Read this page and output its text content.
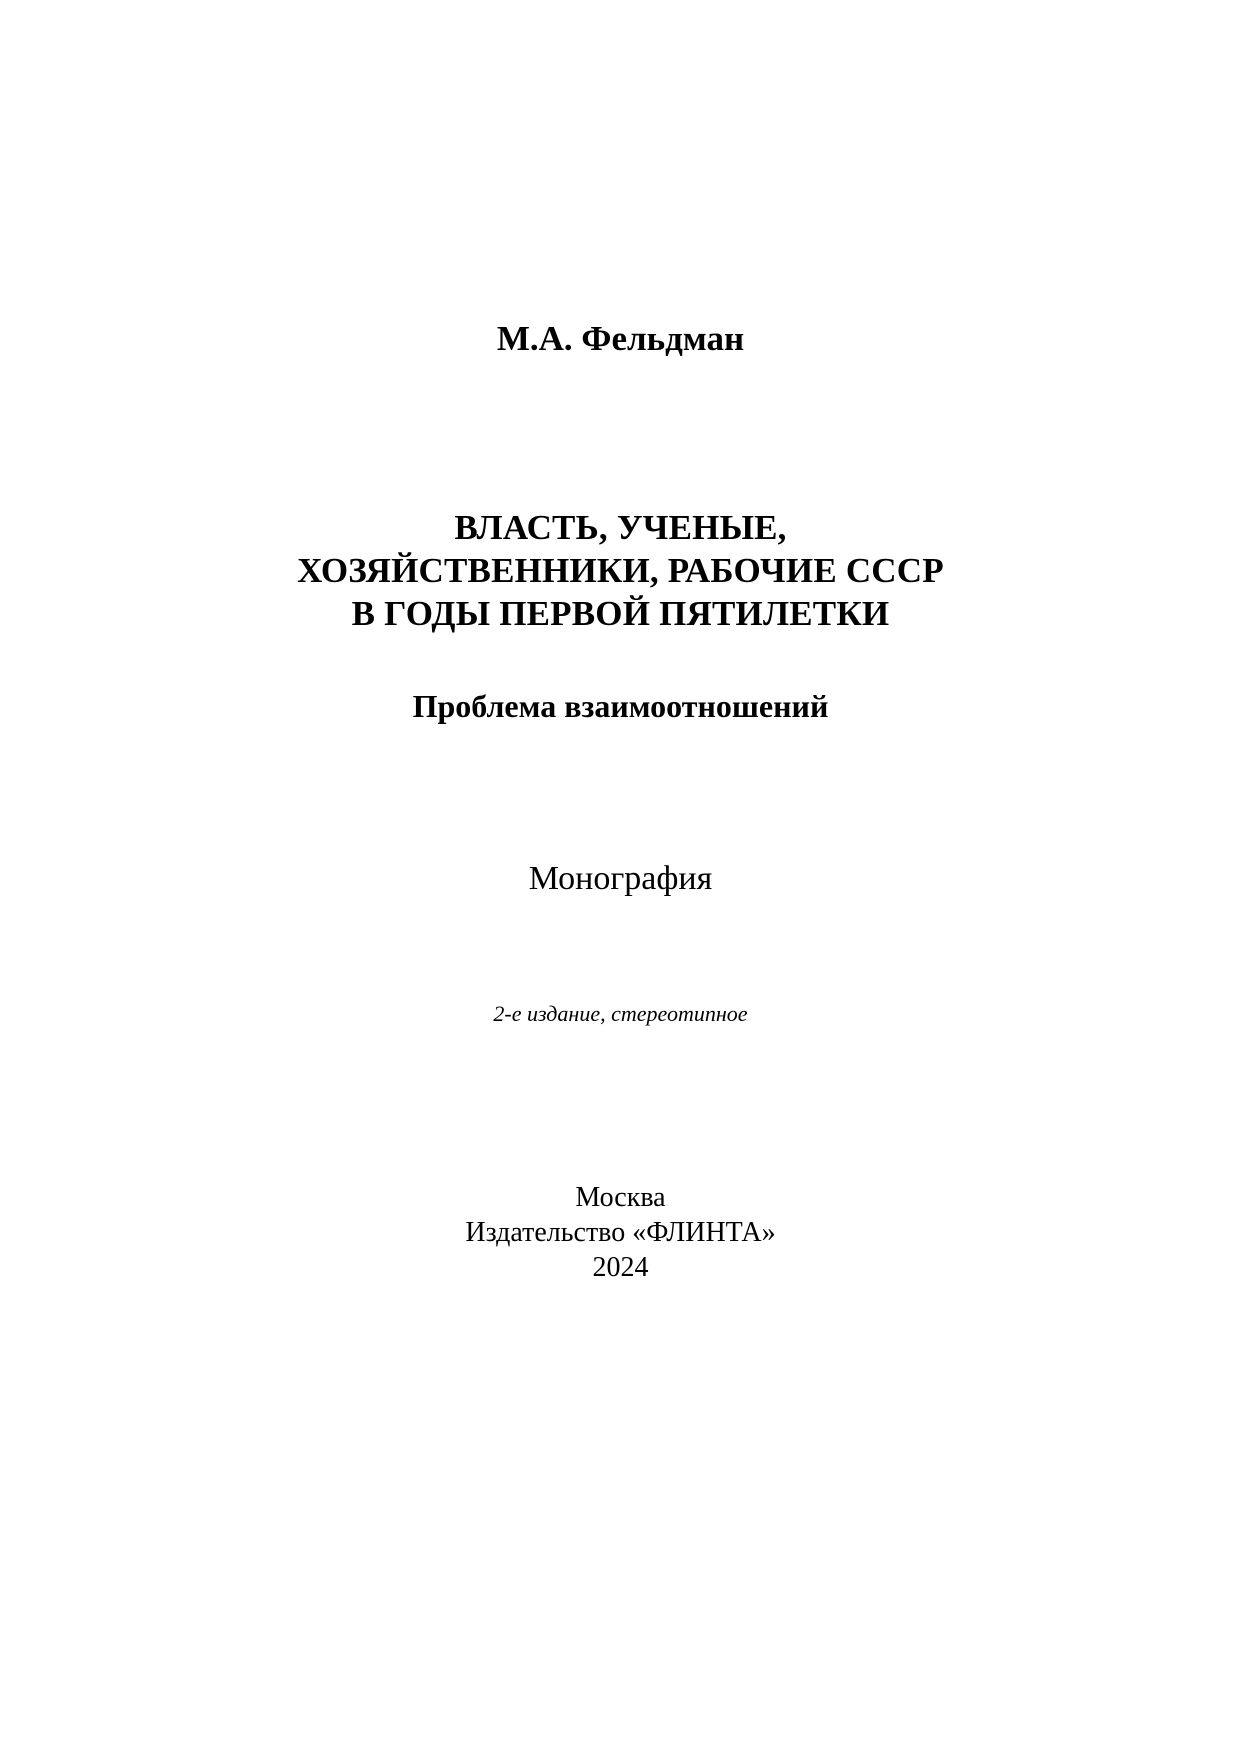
М.А. Фельдман
ВЛАСТЬ, УЧЕНЫЕ,
ХОЗЯЙСТВЕННИКИ, РАБОЧИЕ СССР
В ГОДЫ ПЕРВОЙ ПЯТИЛЕТКИ
Проблема взаимоотношений
Монография
2-е издание, стереотипное
Москва
Издательство «ФЛИНТА»
2024
